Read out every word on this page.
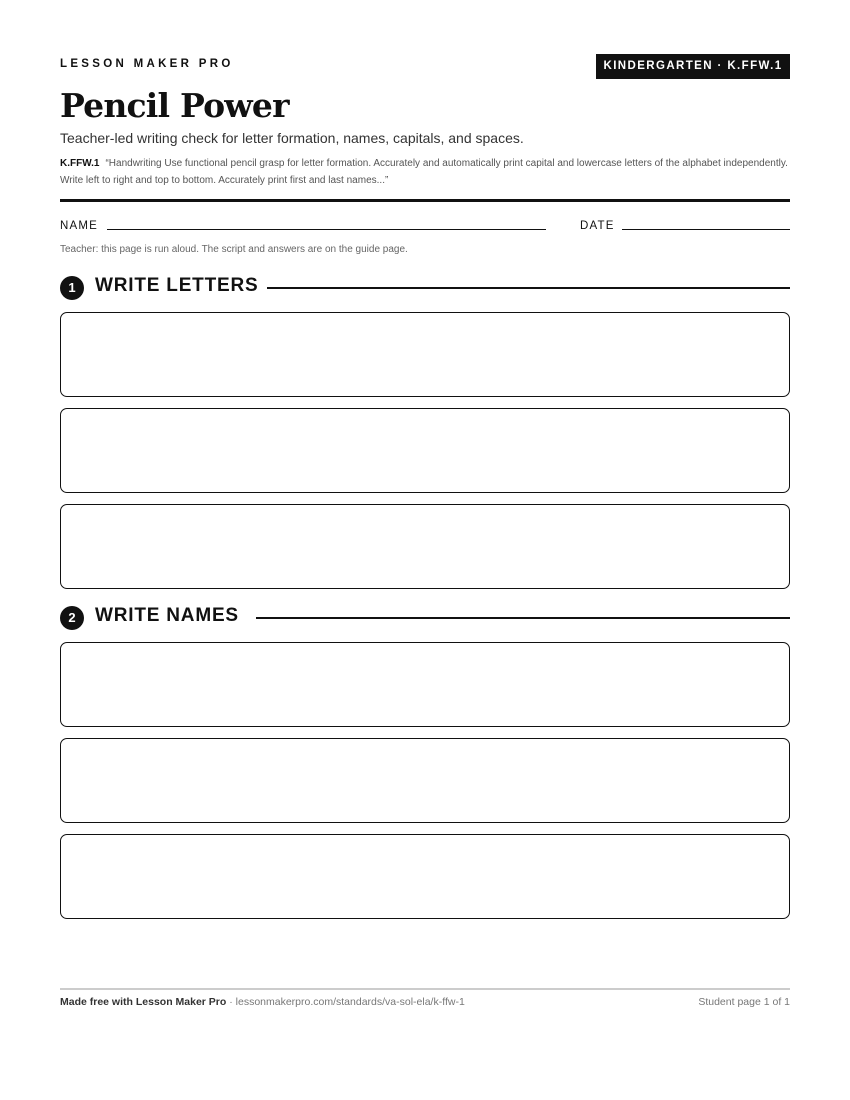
LESSON MAKER PRO	KINDERGARTEN · K.FFW.1
Pencil Power
Teacher-led writing check for letter formation, names, capitals, and spaces.
K.FFW.1 “Handwriting Use functional pencil grasp for letter formation. Accurately and automatically print capital and lowercase letters of the alphabet independently. Write left to right and top to bottom. Accurately print first and last names...”
NAME	DATE
Teacher: this page is run aloud. The script and answers are on the guide page.
1	WRITE LETTERS
2	WRITE NAMES
Made free with Lesson Maker Pro · lessonmakerpro.com/standards/va-sol-ela/k-ffw-1	Student page 1 of 1
